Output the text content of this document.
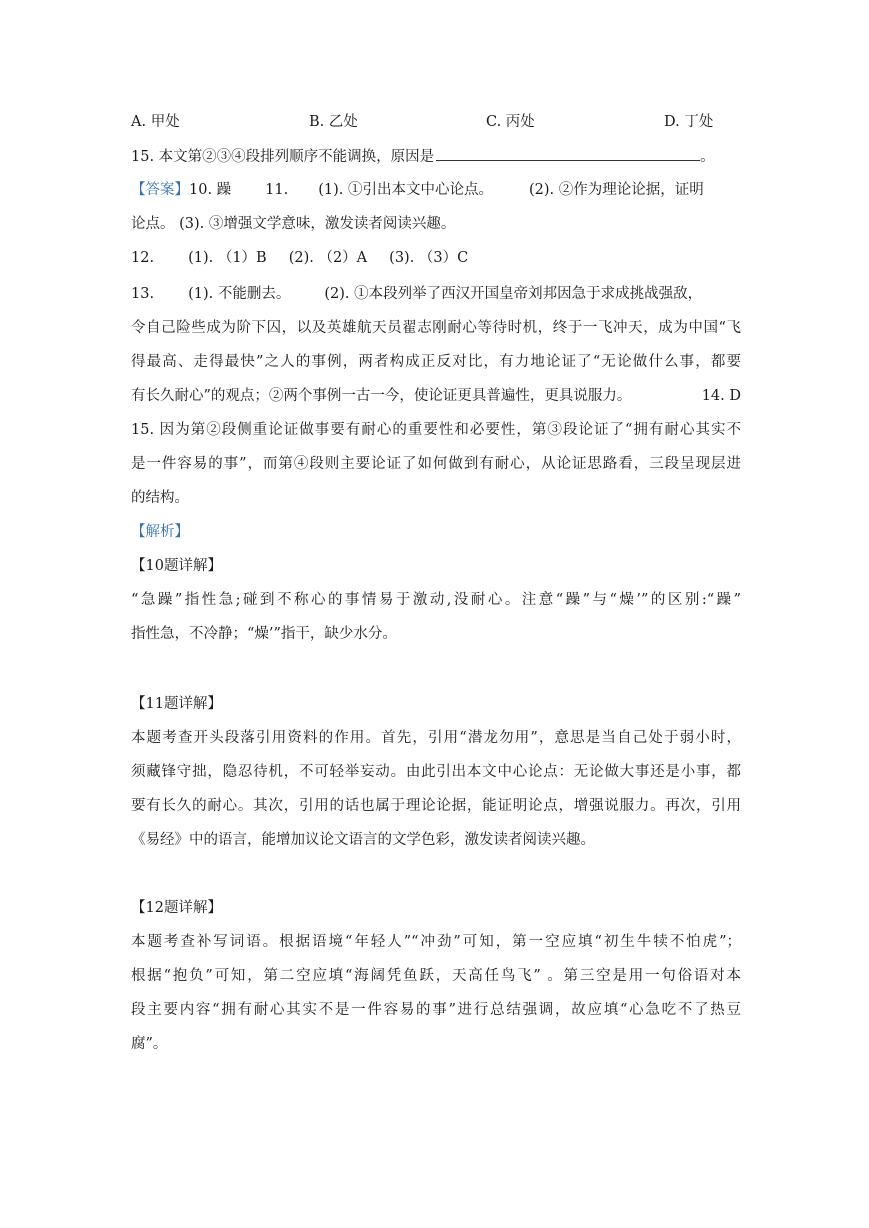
A. 甲处	B. 乙处	C. 丙处	D. 丁处
15. 本文第②③④段排列顺序不能调换，原因是	。
【答案】10. 躁 11. (1). ①引出本文中心论点。 (2). ②作为理论论据，证明
论点。 (3). ③增强文学意味，激发读者阅读兴趣。
12. (1). （1）B (2). （2）A (3). （3）C
13. (1). 不能删去。 (2). ①本段列举了西汉开国皇帝刘邦因急于求成挑战强敌，
令自己险些成为阶下囚，以及英雄航天员翟志刚耐心等待时机，终于一飞冲天，成为中国“飞
得最高、走得最快”之人的事例，两者构成正反对比，有力地论证了“无论做什么事，都要
有长久耐心”的观点；②两个事例一古一今，使论证更具普遍性，更具说服力。	14. D
15. 因为第②段侧重论证做事要有耐心的重要性和必要性，第③段论证了“拥有耐心其实不
是一件容易的事”，而第④段则主要论证了如何做到有耐心，从论证思路看，三段呈现层进
的结构。
【解析】
【10题详解】
“急躁”指性急;碰到不称心的事情易于激动,没耐心。注意“躁”与“燥’”的区别:“躁”
指性急，不冷静；“燥’”指干，缺少水分。
【11题详解】
本题考查开头段落引用资料的作用。首先，引用“潜龙勿用”，意思是当自己处于弱小时，
须藏锋守拙，隐忍待机，不可轻举妄动。由此引出本文中心论点：无论做大事还是小事，都
要有长久的耐心。其次，引用的话也属于理论论据，能证明论点，增强说服力。再次，引用
《易经》中的语言，能增加议论文语言的文学色彩，激发读者阅读兴趣。
【12题详解】
本题考查补写词语。根据语境“年轻人”“冲劲”可知，第一空应填“初生牛犊不怕虎”；
根据“抱负”可知，第二空应填“海阔凭鱼跃，天高任鸟飞” 。第三空是用一句俗语对本
段主要内容“拥有耐心其实不是一件容易的事”进行总结强调，故应填“心急吃不了热豆
腐”。
